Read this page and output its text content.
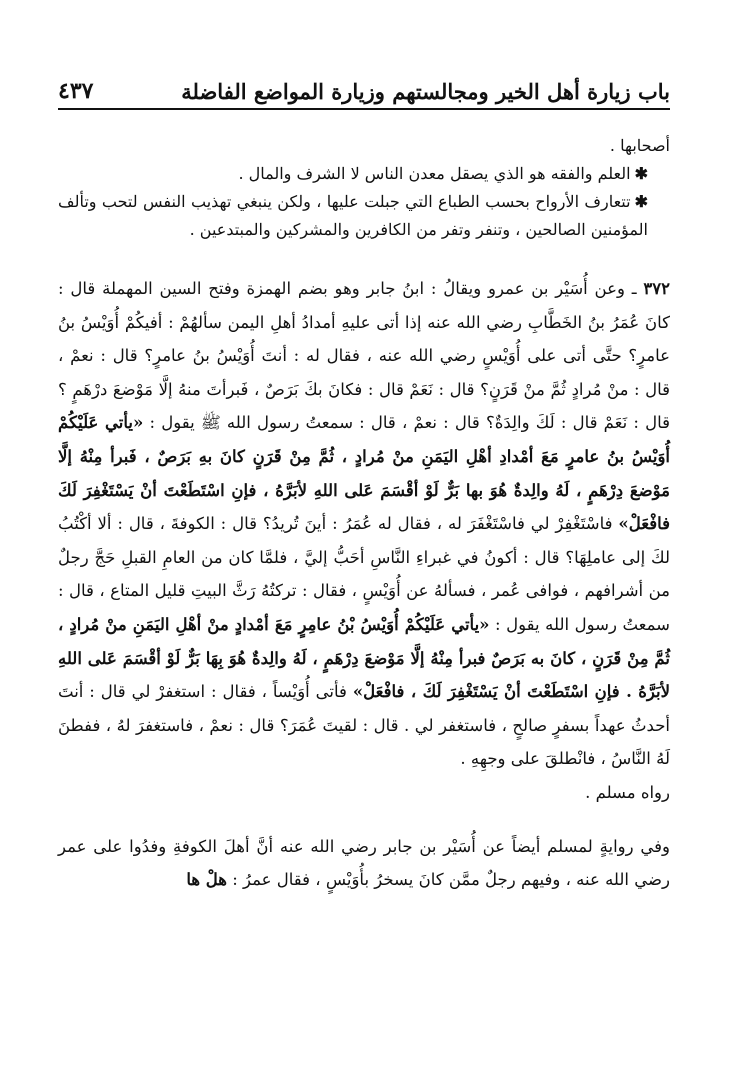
باب زيارة أهل الخير ومجالستهم وزيارة المواضع الفاضلة
٤٣٧

أصحابها .

✱العلم والفقه هو الذي يصقل معدن الناس لا الشرف والمال .

✱تتعارف الأرواح بحسب الطباع التي جبلت عليها ، ولكن ينبغي تهذيب النفس لتحب وتألف المؤمنين الصالحين ، وتنفر وتفر من الكافرين والمشركين والمبتدعين .

٣٧٢ ـ وعن أُسَيْر بن عمرو ويقالُ : ابنُ جابر وهو بضم الهمزة وفتح السين المهملة قال : كانَ عُمَرُ بنُ الخَطَّابِ رضي الله عنه إذا أتى عليهِ أمدادُ أهلِ اليمن سألهُمْ : أفيكُمْ أُوَيْسُ بنُ عامرٍ؟ حتَّى أتى على أُوَيْسٍ رضي الله عنه ، فقال له : أنتَ أُوَيْسُ بنُ عامرٍ؟ قال : نعمْ ، قال : منْ مُرادٍ ثُمَّ منْ قَرَنٍ؟ قال : نَعَمْ قال : فكانَ بكَ بَرَصٌ ، فَبرأتَ منهُ إلَّا مَوْضعَ درْهَمٍ ؟ قال : نَعَمْ قال : لَكَ والِدَةٌ؟ قال : نعمْ ، قال : سمعتُ رسول الله ﷺ يقول : «يأتي عَلَيْكُمْ أُوَيْسُ بنُ عامرٍ مَعَ أمْدادِ أهْلِ اليَمَنِ منْ مُرادٍ ، ثُمَّ مِنْ قَرَنٍ كانَ بهِ بَرَصٌ ، فَبرأ مِنْهُ إلَّا مَوْضعَ دِرْهَمٍ ، لَهُ والِدةٌ هُوَ بها بَرٌّ لَوْ أقْسَمَ عَلى اللهِ لأبَرَّهُ ، فإنِ اسْتَطَعْتَ أنْ يَسْتَغْفِرَ لَكَ فافْعَلْ» فاسْتَغْفِرْ لي فاسْتَغْفَرَ له ، فقال له عُمَرُ : أينَ تُريدُ؟ قال : الكوفةَ ، قال : ألا أكْتُبُ لكَ إلى عاملِهَا؟ قال : أكونُ في غبراءِ النَّاسِ أحَبُّ إليَّ ، فلمَّا كان من العامِ القبلِ حَجَّ رجلٌ من أشرافهم ، فوافى عُمر ، فسألهُ عن أُوَيْسٍ ، فقال : تركتُهُ رَثَّ البيتِ قليل المتاع ، قال : سمعتُ رسول الله يقول : «يأتي عَلَيْكُمْ أُوَيْسُ بْنُ عامِرٍ مَعَ أمْدادٍ منْ أهْلِ اليَمَنِ منْ مُرادٍ ، ثُمَّ مِنْ قَرَنٍ ، كانَ به بَرَصٌ فبرأ مِنْهُ إلَّا مَوْضعَ دِرْهَمٍ ، لَهُ والِدةٌ هُوَ بِهَا بَرٌّ لَوْ أقْسَمَ عَلى اللهِ لأبَرَّهُ . فإنِ اسْتَطَعْتَ أنْ يَسْتَغْفِرَ لَكَ ، فافْعَلْ» فأتى أُوَيْساً ، فقال : استغفرْ لي قال : أنتَ أحدثُ عهداً بسفرٍ صالحٍ ، فاستغفر لي . قال : لقيتَ عُمَرَ؟ قال : نعمْ ، فاستغفرَ لهُ ، ففطنَ لَهُ النَّاسُ ، فانْطلقَ على وجهِهِ .

رواه مسلم .

وفي روايةٍ لمسلم أيضاً عن أُسَيْر بن جابر رضي الله عنه أنَّ أهلَ الكوفةِ وفدُوا على عمر رضي الله عنه ، وفيهم رجلٌ ممَّن كانَ يسخرُ بأُوَيْسٍ ، فقال عمرُ : هلْ ها
